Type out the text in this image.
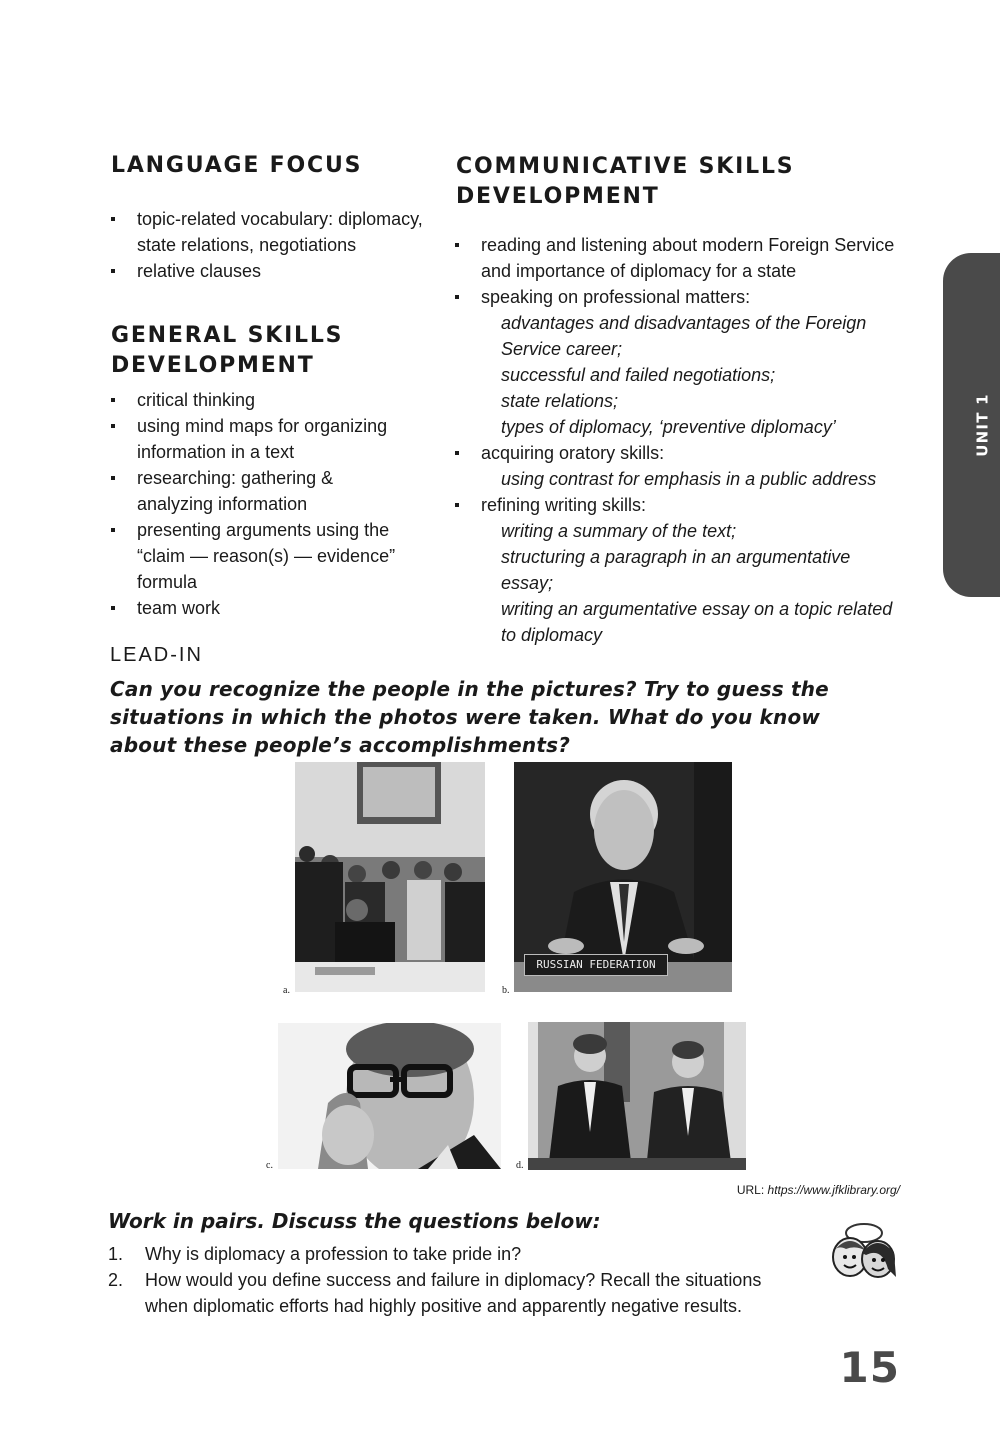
LANGUAGE FOCUS
topic-related vocabulary: diplomacy, state relations, negotiations
relative clauses
GENERAL SKILLS DEVELOPMENT
critical thinking
using mind maps for organizing information in a text
researching: gathering & analyzing information
presenting arguments using the “claim — reason(s) — evidence” formula
team work
COMMUNICATIVE SKILLS DEVELOPMENT
reading and listening about modern Foreign Service and importance of diplomacy for a state
speaking on professional matters:
advantages and disadvantages of the Foreign Service career;
successful and failed negotiations;
state relations;
types of diplomacy, ‘preventive diplomacy’
acquiring oratory skills:
using contrast for emphasis in a public address
refining writing skills:
writing a summary of the text;
structuring a paragraph in an argumentative essay;
writing an argumentative essay on a topic related to diplomacy
UNIT 1
LEAD-IN

Can you recognize the people in the pictures? Try to guess the situations in which the photos were taken. What do you know about these people’s accomplishments?

a.
RUSSIAN FEDERATION
b.
c.	d.
URL: https://www.jfklibrary.org/

Work in pairs. Discuss the questions below:

1. Why is diplomacy a profession to take pride in?
2. How would you define success and failure in diplomacy? Recall the situations when diplomatic efforts had highly positive and apparently negative results.
15
